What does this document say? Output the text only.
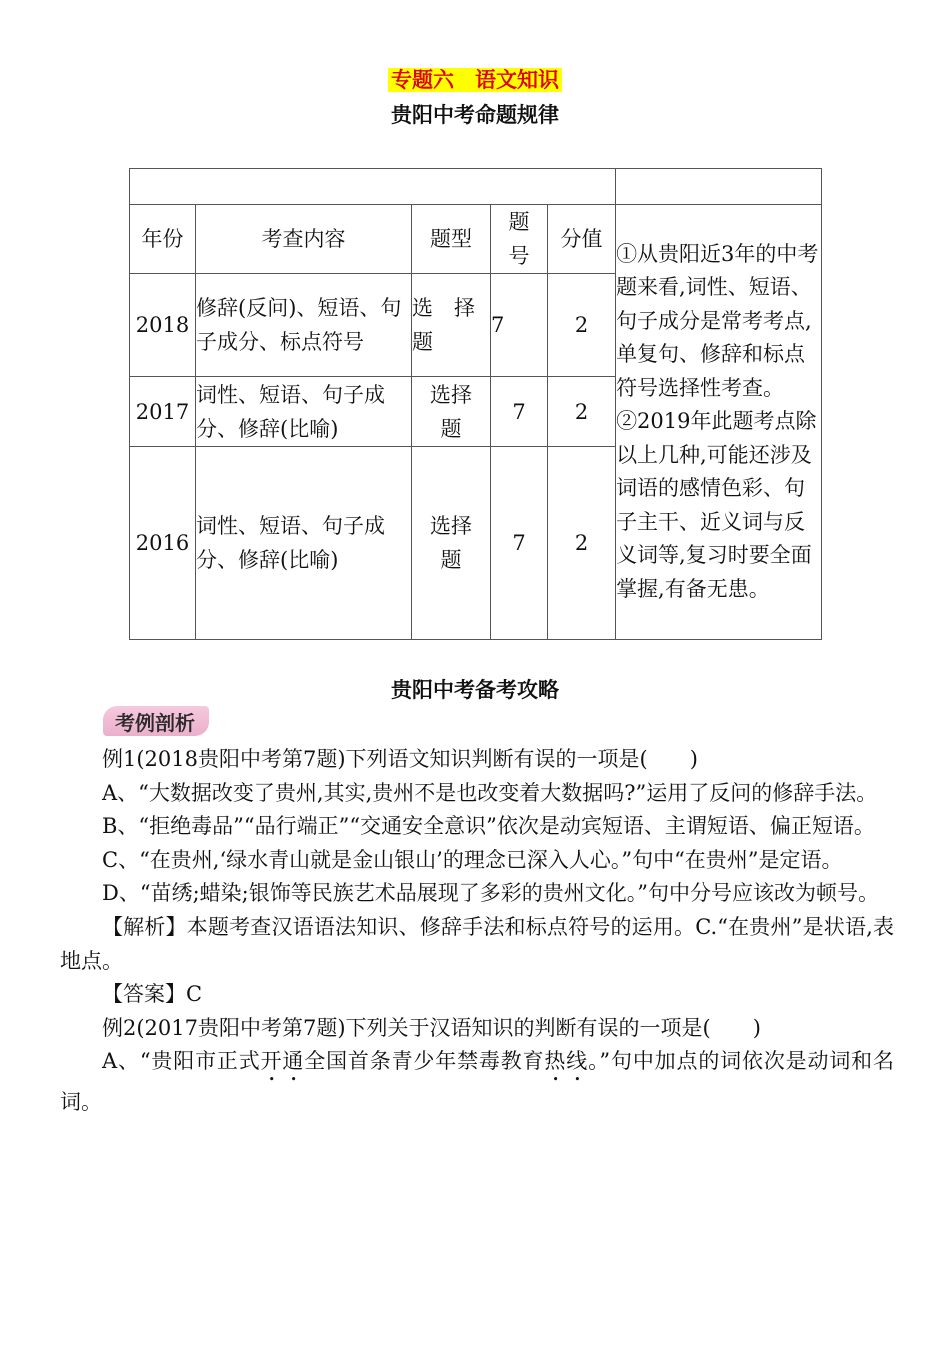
专题六　语文知识
贵阳中考命题规律

年份	考查内容	题型	题号	分值	①从贵阳近3年的中考题来看,词性、短语、句子成分是常考考点,单复句、修辞和标点符号选择性考查。②2019年此题考点除以上几种,可能还涉及词语的感情色彩、句子主干、近义词与反义词等,复习时要全面掌握,有备无患。
2018	修辞(反问)、短语、句子成分、标点符号	选　择题	7	2	
2017	词性、短语、句子成分、修辞(比喻)	选择题	7	2	
2016	词性、短语、句子成分、修辞(比喻)	选择题	7	2	
贵阳中考备考攻略
考例剖析

例1(2018贵阳中考第7题)下列语文知识判断有误的一项是(　　)

A、“大数据改变了贵州,其实,贵州不是也改变着大数据吗?”运用了反问的修辞手法。

B、“拒绝毒品”“品行端正”“交通安全意识”依次是动宾短语、主谓短语、偏正短语。

C、“在贵州,‘绿水青山就是金山银山’的理念已深入人心。”句中“在贵州”是定语。

D、“苗绣;蜡染;银饰等民族艺术品展现了多彩的贵州文化。”句中分号应该改为顿号。

【解析】本题考查汉语语法知识、修辞手法和标点符号的运用。C.“在贵州”是状语,表地点。

【答案】C

例2(2017贵阳中考第7题)下列关于汉语知识的判断有误的一项是(　　)

A、“贵阳市正式开通全国首条青少年禁毒教育热线。”句中加点的词依次是动词和名词。
